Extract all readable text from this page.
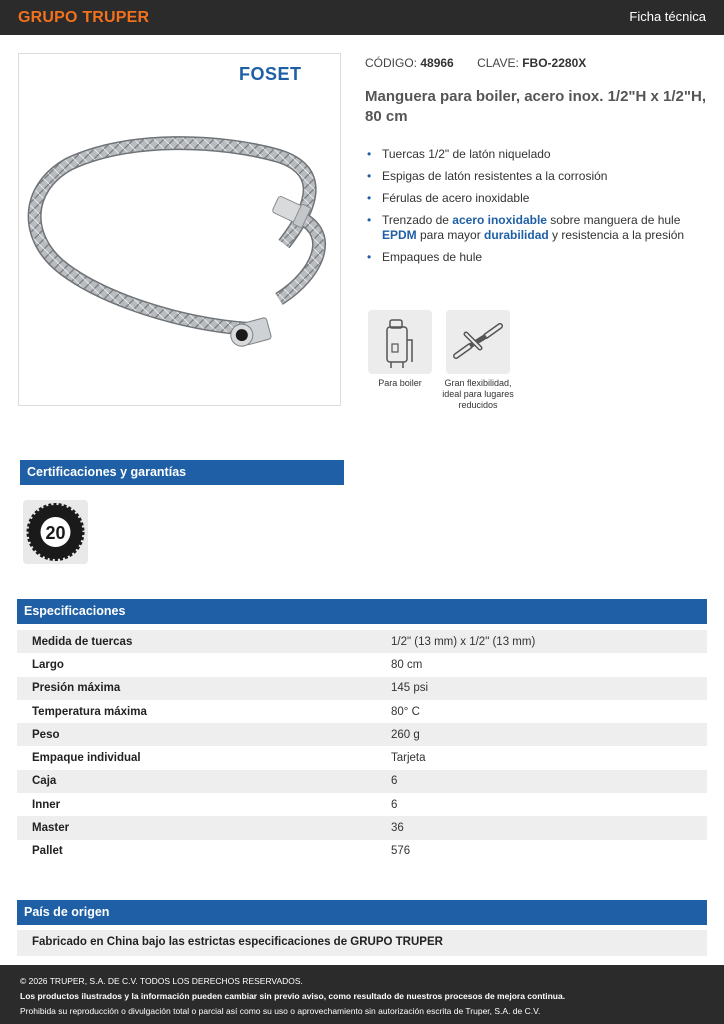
GRUPO TRUPER	Ficha técnica
FOSET
CÓDIGO: 48966 CLAVE: FBO-2280X
Manguera para boiler, acero inox. 1/2"H x 1/2"H, 80 cm
• Tuercas 1/2" de latón niquelado
• Espigas de latón resistentes a la corrosión
• Férulas de acero inoxidable
• Trenzado de acero inoxidable sobre manguera de hule EPDM para mayor durabilidad y resistencia a la presión
• Empaques de hule
Para boiler	Gran flexibilidad, ideal para lugares reducidos
Certificaciones y garantías
20
Especificaciones
Medida de tuercas	1/2" (13 mm) x 1/2" (13 mm)
Largo	80 cm
Presión máxima	145 psi
Temperatura máxima	80° C
Peso	260 g
Empaque individual	Tarjeta
Caja	6
Inner	6
Master	36
Pallet	576
País de origen
Fabricado en China bajo las estrictas especificaciones de GRUPO TRUPER
© 2026 TRUPER, S.A. DE C.V. TODOS LOS DERECHOS RESERVADOS.
Los productos ilustrados y la información pueden cambiar sin previo aviso, como resultado de nuestros procesos de mejora continua.
Prohibida su reproducción o divulgación total o parcial así como su uso o aprovechamiento sin autorización escrita de Truper, S.A. de C.V.
